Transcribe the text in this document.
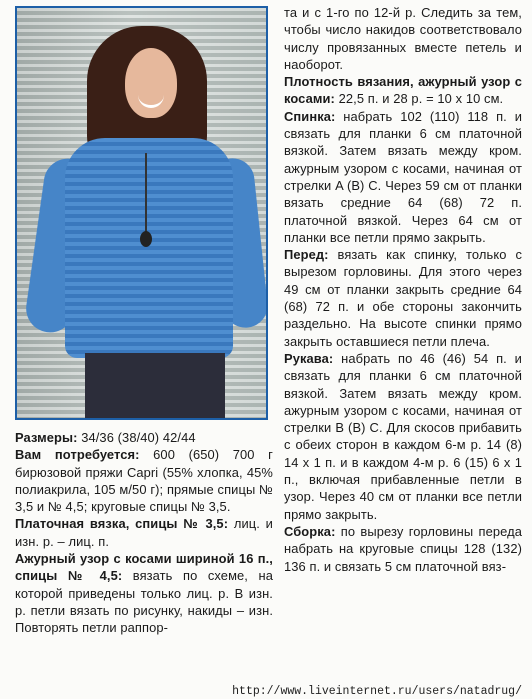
Размеры: 34/36 (38/40) 42/44

Вам потребуется: 600 (650) 700 г бирюзовой пряжи Capri (55% хлопка, 45% полиакрила, 105 м/50 г); прямые спицы № 3,5 и № 4,5; круговые спицы № 3,5.

Платочная вязка, спицы № 3,5: лиц. и изн. р. – лиц. п.

Ажурный узор с косами шириной 16 п., спицы № 4,5: вязать по схеме, на которой приведены только лиц. р. В изн. р. петли вязать по рисунку, накиды – изн. Повторять петли раппор-

та и с 1-го по 12-й р. Следить за тем, чтобы число накидов соответствовало числу провязанных вместе петель и наоборот.

Плотность вязания, ажурный узор с косами: 22,5 п. и 28 р. = 10 х 10 см.

Спинка: набрать 102 (110) 118 п. и связать для планки 6 см платочной вязкой. Затем вязать между кром. ажурным узором с косами, начиная от стрелки A (B) C. Через 59 см от планки вязать средние 64 (68) 72 п. платочной вязкой. Через 64 см от планки все петли прямо закрыть.

Перед: вязать как спинку, только с вырезом горловины. Для этого через 49 см от планки закрыть средние 64 (68) 72 п. и обе стороны закончить раздельно. На высоте спинки прямо закрыть оставшиеся петли плеча.

Рукава: набрать по 46 (46) 54 п. и связать для планки 6 см платочной вязкой. Затем вязать между кром. ажурным узором с косами, начиная от стрелки B (B) C. Для скосов прибавить с обеих сторон в каждом 6-м р. 14 (8) 14 х 1 п. и в каждом 4-м р. 6 (15) 6 х 1 п., включая прибавленные петли в узор. Через 40 см от планки все петли прямо закрыть.

Сборка: по вырезу горловины переда набрать на круговые спицы 128 (132) 136 п. и связать 5 см платочной вяз-

http://www.liveinternet.ru/users/natadrug/
